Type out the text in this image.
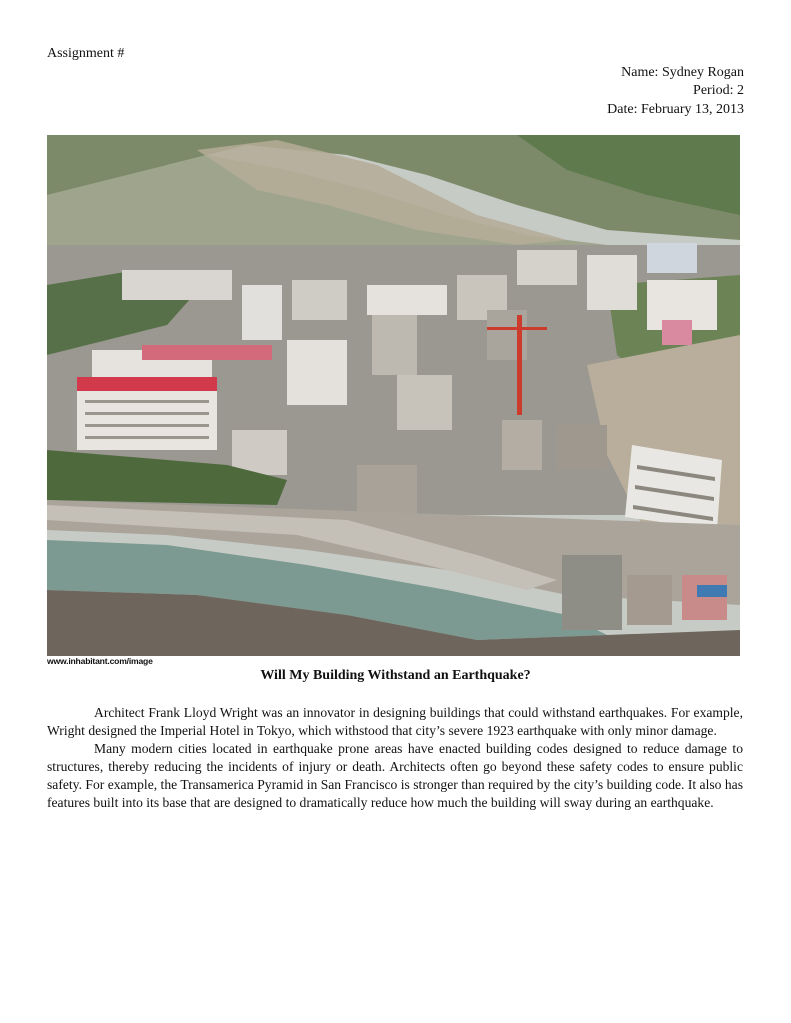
Assignment #
Name: Sydney Rogan
Period: 2
Date: February 13, 2013
www.inhabitant.com/image
Will My Building Withstand an Earthquake?

Architect Frank Lloyd Wright was an innovator in designing buildings that could withstand earthquakes. For example, Wright designed the Imperial Hotel in Tokyo, which withstood that city’s severe 1923 earthquake with only minor damage.

Many modern cities located in earthquake prone areas have enacted building codes designed to reduce damage to structures, thereby reducing the incidents of injury or death. Architects often go beyond these safety codes to ensure public safety. For example, the Transamerica Pyramid in San Francisco is stronger than required by the city’s building code. It also has features built into its base that are designed to dramatically reduce how much the building will sway during an earthquake.
